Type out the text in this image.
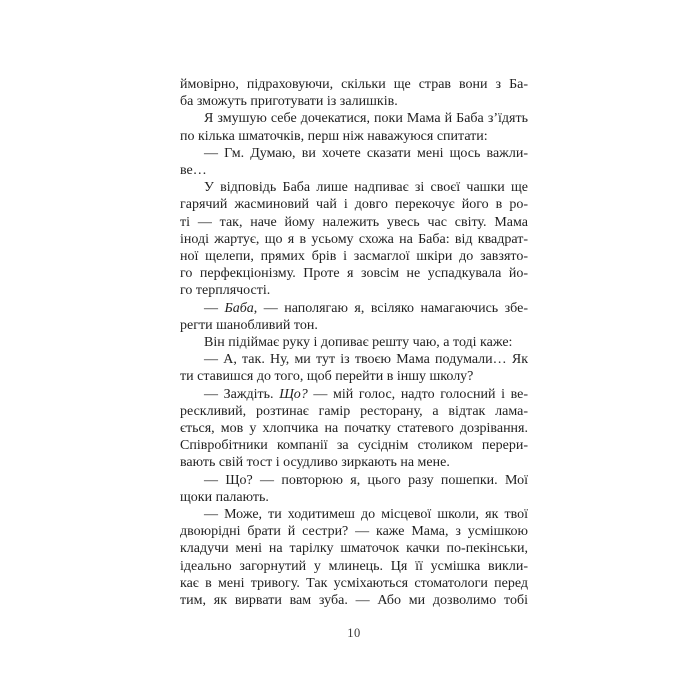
ймовірно, підраховуючи, скільки ще страв вони з Ба-
ба зможуть приготувати із залишків.
Я змушую себе дочекатися, поки Мама й Баба з’їдять
по кілька шматочків, перш ніж наважуюся спитати:
— Гм. Думаю, ви хочете сказати мені щось важли-
ве…
У відповідь Баба лише надпиває зі своєї чашки ще
гарячий жасминовий чай і довго перекочує його в ро-
ті — так, наче йому належить увесь час світу. Мама
іноді жартує, що я в усьому схожа на Баба: від квадрат-
ної щелепи, прямих брів і засмаглої шкіри до завзято-
го перфекціонізму. Проте я зовсім не успадкувала йо-
го терплячості.
— Баба, — наполягаю я, всіляко намагаючись збе-
регти шанобливий тон.
Він підіймає руку і допиває решту чаю, а тоді каже:
— А, так. Ну, ми тут із твоєю Мама подумали… Як
ти ставишся до того, щоб перейти в іншу школу?
— Заждіть. Що? — мій голос, надто голосний і ве-
рескливий, розтинає гамір ресторану, а відтак лама-
ється, мов у хлопчика на початку статевого дозрівання.
Співробітники компанії за сусіднім столиком перери-
вають свій тост і осудливо зиркають на мене.
— Що? — повторюю я, цього разу пошепки. Мої
щоки палають.
— Може, ти ходитимеш до місцевої школи, як твої
двоюрідні брати й сестри? — каже Мама, з усмішкою
кладучи мені на тарілку шматочок качки по-пекінськи,
ідеально загорнутий у млинець. Ця її усмішка викли-
кає в мені тривогу. Так усміхаються стоматологи перед
тим, як вирвати вам зуба. — Або ми дозволимо тобі
10
